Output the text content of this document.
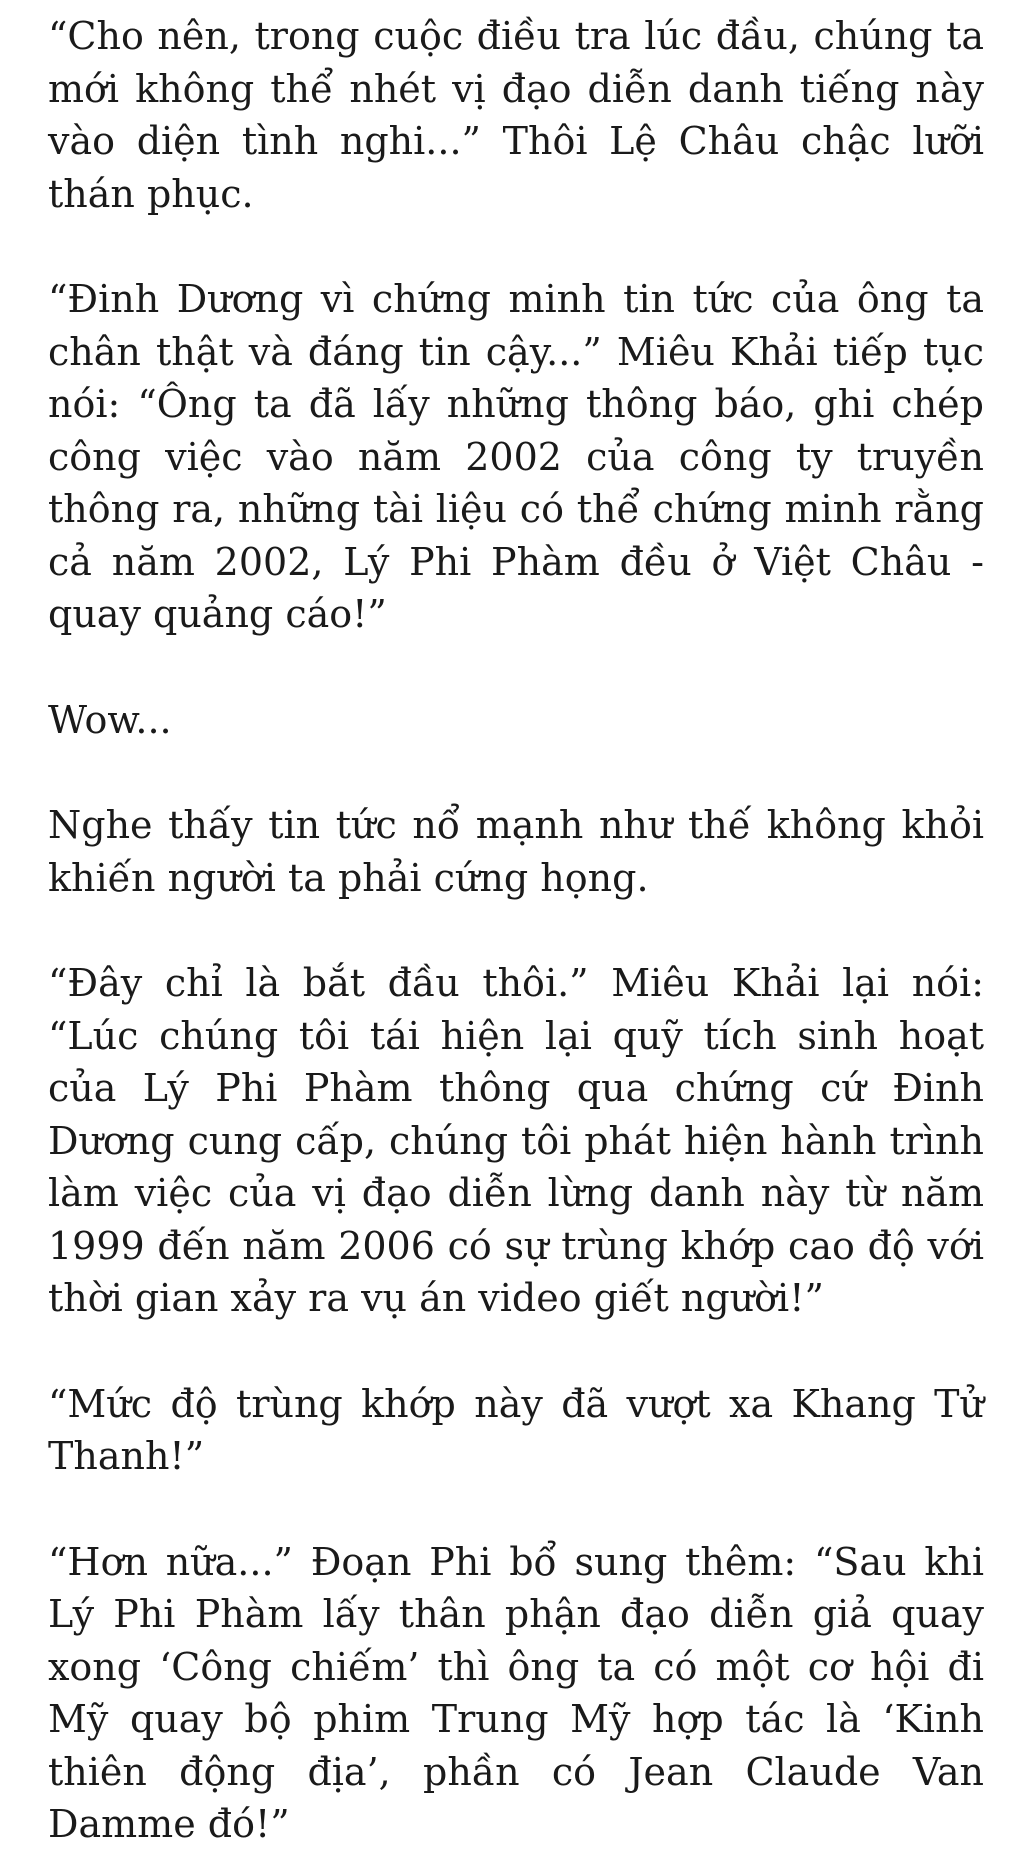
“Cho nên, trong cuộc điều tra lúc đầu, chúng ta mới không thể nhét vị đạo diễn danh tiếng này vào diện tình nghi...” Thôi Lệ Châu chậc lưỡi thán phục.

“Đinh Dương vì chứng minh tin tức của ông ta chân thật và đáng tin cậy...” Miêu Khải tiếp tục nói: “Ông ta đã lấy những thông báo, ghi chép công việc vào năm 2002 của công ty truyền thông ra, những tài liệu có thể chứng minh rằng cả năm 2002, Lý Phi Phàm đều ở Việt Châu - quay quảng cáo!”

Wow...

Nghe thấy tin tức nổ mạnh như thế không khỏi khiến người ta phải cứng họng.

“Đây chỉ là bắt đầu thôi.” Miêu Khải lại nói: “Lúc chúng tôi tái hiện lại quỹ tích sinh hoạt của Lý Phi Phàm thông qua chứng cứ Đinh Dương cung cấp, chúng tôi phát hiện hành trình làm việc của vị đạo diễn lừng danh này từ năm 1999 đến năm 2006 có sự trùng khớp cao độ với thời gian xảy ra vụ án video giết người!”

“Mức độ trùng khớp này đã vượt xa Khang Tử Thanh!”

“Hơn nữa...” Đoạn Phi bổ sung thêm: “Sau khi Lý Phi Phàm lấy thân phận đạo diễn giả quay xong ‘Công chiếm’ thì ông ta có một cơ hội đi Mỹ quay bộ phim Trung Mỹ hợp tác là ‘Kinh thiên động địa’, phần có Jean Claude Van Damme đó!”
